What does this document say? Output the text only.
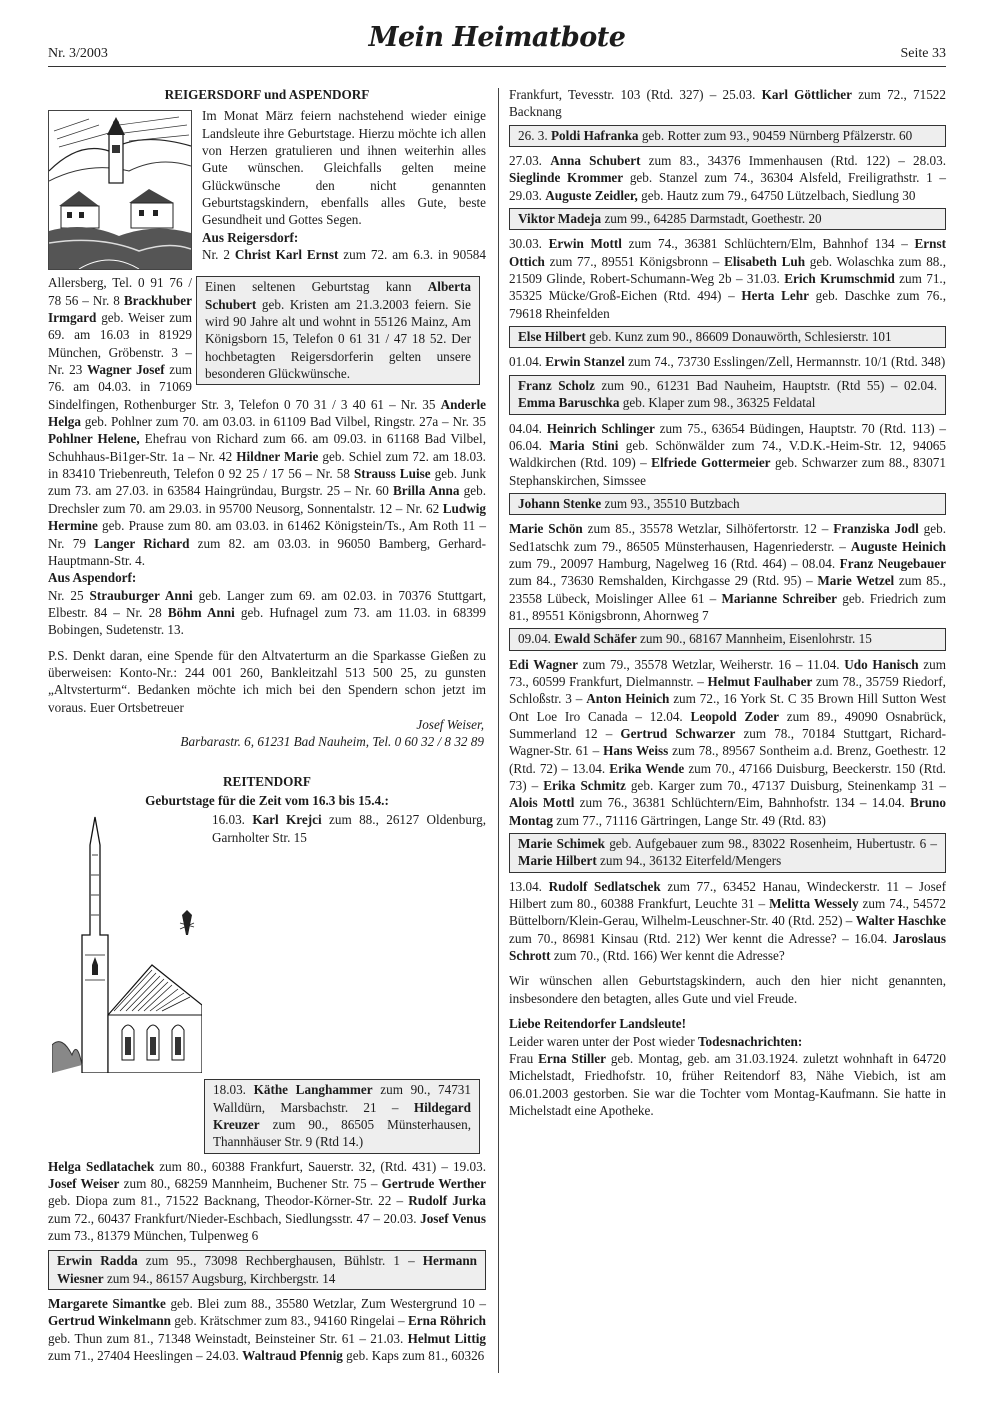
Nr. 3/2003
Mein Heimatbote
Seite 33

REIGERSDORF und ASPENDORF

Einen seltenen Geburtstag kann Alberta Schubert geb. Kristen am 21.3.2003 feiern. Sie wird 90 Jahre alt und wohnt in 55126 Mainz, Am Königsborn 15, Telefon 0 61 31 / 47 18 52. Der hochbetagten Reigersdorferin gelten unsere besonderen Glückwünsche.

Im Monat März feiern nachstehend wieder einige Landsleute ihre Geburtstage. Hierzu möchte ich allen von Herzen gratulieren und ihnen weiterhin alles Gute wünschen. Gleichfalls gelten meine Glückwünsche den nicht genannten Geburtstagskindern, ebenfalls alles Gute, beste Gesundheit und Gottes Segen.

Aus Reigersdorf:

Nr. 2 Christ Karl Ernst zum 72. am 6.3. in 90584 Allersberg, Tel. 0 91 76 / 78 56 – Nr. 8 Brackhuber Irmgard geb. Weiser zum 69. am 16.03 in 81929 München, Gröbenstr. 3 – Nr. 23 Wagner Josef zum 76. am 04.03. in 71069 Sindelfingen, Rothenburger Str. 3, Telefon 0 70 31 / 3 40 61 – Nr. 35 Anderle Helga geb. Pohlner zum 70. am 03.03. in 61109 Bad Vilbel, Ringstr. 27a – Nr. 35 Pohlner Helene, Ehefrau von Richard zum 66. am 09.03. in 61168 Bad Vilbel, Schuhhaus-Bi1ger-Str. 1a – Nr. 42 Hildner Marie geb. Schiel zum 72. am 18.03. in 83410 Triebenreuth, Telefon 0 92 25 / 17 56 – Nr. 58 Strauss Luise geb. Junk zum 73. am 27.03. in 63584 Haingründau, Burgstr. 25 – Nr. 60 Brilla Anna geb. Drechsler zum 70. am 29.03. in 95700 Neusorg, Sonnentalstr. 12 – Nr. 62 Ludwig Hermine geb. Prause zum 80. am 03.03. in 61462 Königstein/Ts., Am Roth 11 – Nr. 79 Langer Richard zum 82. am 03.03. in 96050 Bamberg, Gerhard-Hauptmann-Str. 4.

Aus Aspendorf:

Nr. 25 Strauburger Anni geb. Langer zum 69. am 02.03. in 70376 Stuttgart, Elbestr. 84 – Nr. 28 Böhm Anni geb. Hufnagel zum 73. am 11.03. in 68399 Bobingen, Sudetenstr. 13.

P.S. Denkt daran, eine Spende für den Altvaterturm an die Sparkasse Gießen zu überweisen: Konto-Nr.: 244 001 260, Bankleitzahl 513 500 25, zu gunsten „Altvsterturm“. Bedanken möchte ich mich bei den Spendern schon jetzt im voraus. Euer Ortsbetreuer

Josef Weiser,

Barbarastr. 6, 61231 Bad Nauheim, Tel. 0 60 32 / 8 32 89

REITENDORF

Geburtstage für die Zeit vom 16.3 bis 15.4.:

16.03. Karl Krejci zum 88., 26127 Oldenburg, Garnholter Str. 15

18.03. Käthe Langhammer zum 90., 74731 Walldürn, Marsbachstr. 21 – Hildegard Kreuzer zum 90., 86505 Münsterhausen, Thannhäuser Str. 9 (Rtd 14.)

Helga Sedlatachek zum 80., 60388 Frankfurt, Sauerstr. 32, (Rtd. 431) – 19.03. Josef Weiser zum 80., 68259 Mannheim, Buchener Str. 75 – Gertrude Werther geb. Diopa zum 81., 71522 Backnang, Theodor-Körner-Str. 22 – Rudolf Jurka zum 72., 60437 Frankfurt/Nieder-Eschbach, Siedlungsstr. 47 – 20.03. Josef Venus zum 73., 81379 München, Tulpenweg 6

Erwin Radda zum 95., 73098 Rechberghausen, Bühlstr. 1 – Hermann Wiesner zum 94., 86157 Augsburg, Kirchbergstr. 14

Margarete Simantke geb. Blei zum 88., 35580 Wetzlar, Zum Westergrund 10 – Gertrud Winkelmann geb. Krätschmer zum 83., 94160 Ringelai – Erna Röhrich geb. Thun zum 81., 71348 Weinstadt, Beinsteiner Str. 61 – 21.03. Helmut Littig zum 71., 27404 Heeslingen – 24.03. Waltraud Pfennig geb. Kaps zum 81., 60326

Frankfurt, Tevesstr. 103 (Rtd. 327) – 25.03. Karl Göttlicher zum 72., 71522 Backnang

26. 3. Poldi Hafranka geb. Rotter zum 93., 90459 Nürnberg Pfälzerstr. 60

27.03. Anna Schubert zum 83., 34376 Immenhausen (Rtd. 122) – 28.03. Sieglinde Krommer geb. Stanzel zum 74., 36304 Alsfeld, Freiligrathstr. 1 – 29.03. Auguste Zeidler, geb. Hautz zum 79., 64750 Lützelbach, Siedlung 30

Viktor Madeja zum 99., 64285 Darmstadt, Goethestr. 20

30.03. Erwin Mottl zum 74., 36381 Schlüchtern/Elm, Bahnhof 134 – Ernst Ottich zum 77., 89551 Königsbronn – Elisabeth Luh geb. Wolaschka zum 88., 21509 Glinde, Robert-Schumann-Weg 2b – 31.03. Erich Krumschmid zum 71., 35325 Mücke/Groß-Eichen (Rtd. 494) – Herta Lehr geb. Daschke zum 76., 79618 Rheinfelden

Else Hilbert geb. Kunz zum 90., 86609 Donauwörth, Schlesierstr. 101

01.04. Erwin Stanzel zum 74., 73730 Esslingen/Zell, Hermannstr. 10/1 (Rtd. 348)

Franz Scholz zum 90., 61231 Bad Nauheim, Hauptstr. (Rtd 55) – 02.04. Emma Baruschka geb. Klaper zum 98., 36325 Feldatal

04.04. Heinrich Schlinger zum 75., 63654 Büdingen, Hauptstr. 70 (Rtd. 113) – 06.04. Maria Stini geb. Schönwälder zum 74., V.D.K.-Heim-Str. 12, 94065 Waldkirchen (Rtd. 109) – Elfriede Gottermeier geb. Schwarzer zum 88., 83071 Stephanskirchen, Simssee

Johann Stenke zum 93., 35510 Butzbach

Marie Schön zum 85., 35578 Wetzlar, Silhöfertorstr. 12 – Franziska Jodl geb. Sed1atschk zum 79., 86505 Münsterhausen, Hagenriederstr. – Auguste Heinich zum 79., 20097 Hamburg, Nagelweg 16 (Rtd. 464) – 08.04. Franz Neugebauer zum 84., 73630 Remshalden, Kirchgasse 29 (Rtd. 95) – Marie Wetzel zum 85., 23558 Lübeck, Moislinger Allee 61 – Marianne Schreiber geb. Friedrich zum 81., 89551 Königsbronn, Ahornweg 7

09.04. Ewald Schäfer zum 90., 68167 Mannheim, Eisenlohrstr. 15

Edi Wagner zum 79., 35578 Wetzlar, Weiherstr. 16 – 11.04. Udo Hanisch zum 73., 60599 Frankfurt, Dielmannstr. – Helmut Faulhaber zum 78., 35759 Riedorf, Schloßstr. 3 – Anton Heinich zum 72., 16 York St. C 35 Brown Hill Sutton West Ont Loe Iro Canada – 12.04. Leopold Zoder zum 89., 49090 Osnabrück, Summerland 12 – Gertrud Schwarzer zum 78., 70184 Stuttgart, Richard-Wagner-Str. 61 – Hans Weiss zum 78., 89567 Sontheim a.d. Brenz, Goethestr. 12 (Rtd. 72) – 13.04. Erika Wende zum 70., 47166 Duisburg, Beeckerstr. 150 (Rtd. 73) – Erika Schmitz geb. Karger zum 70., 47137 Duisburg, Steinenkamp 31 – Alois Mottl zum 76., 36381 Schlüchtern/Eim, Bahnhofstr. 134 – 14.04. Bruno Montag zum 77., 71116 Gärtringen, Lange Str. 49 (Rtd. 83)

Marie Schimek geb. Aufgebauer zum 98., 83022 Rosenheim, Hubertustr. 6 – Marie Hilbert zum 94., 36132 Eiterfeld/Mengers

13.04. Rudolf Sedlatschek zum 77., 63452 Hanau, Windeckerstr. 11 – Josef Hilbert zum 80., 60388 Frankfurt, Leuchte 31 – Melitta Wessely zum 74., 54572 Büttelborn/Klein-Gerau, Wilhelm-Leuschner-Str. 40 (Rtd. 252) – Walter Haschke zum 70., 86981 Kinsau (Rtd. 212) Wer kennt die Adresse? – 16.04. Jaroslaus Schrott zum 70., (Rtd. 166) Wer kennt die Adresse?

Wir wünschen allen Geburtstagskindern, auch den hier nicht genannten, insbesondere den betagten, alles Gute und viel Freude.

Liebe Reitendorfer Landsleute!

Leider waren unter der Post wieder Todesnachrichten:

Frau Erna Stiller geb. Montag, geb. am 31.03.1924. zuletzt wohnhaft in 64720 Michelstadt, Friedhofstr. 10, früher Reitendorf 83, Nähe Viebich, ist am 06.01.2003 gestorben. Sie war die Tochter vom Montag-Kaufmann. Sie hatte in Michelstadt eine Apotheke.
